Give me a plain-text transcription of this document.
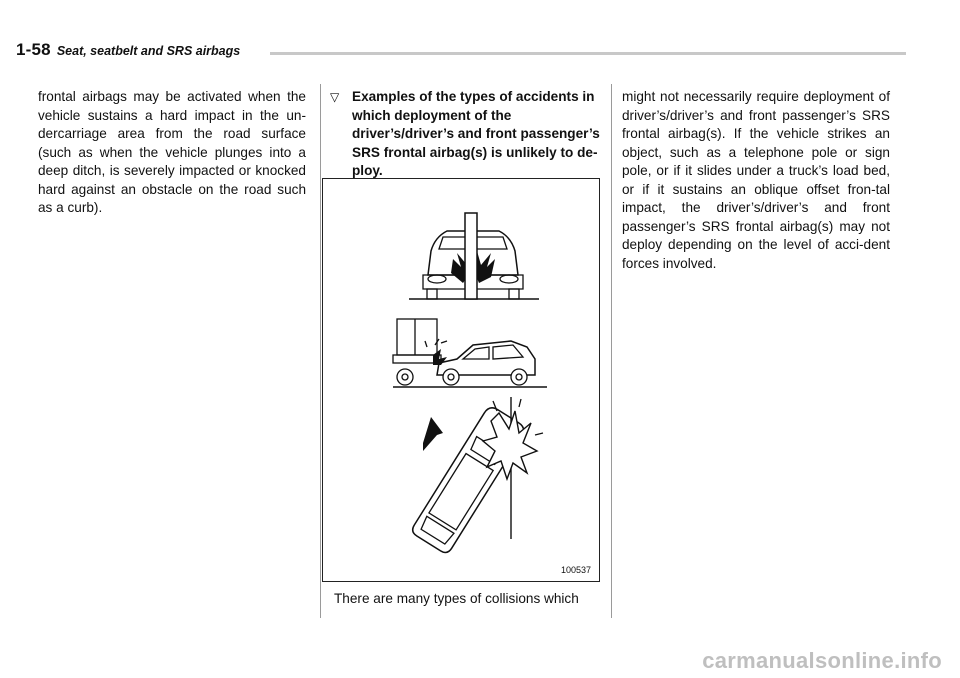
1-58 Seat, seatbelt and SRS airbags
frontal airbags may be activated when the vehicle sustains a hard impact in the un-dercarriage area from the road surface (such as when the vehicle plunges into a deep ditch, is severely impacted or knocked hard against an obstacle on the road such as a curb).
▽ Examples of the types of accidents in which deployment of the driver’s/driver’s and front passenger’s SRS frontal airbag(s) is unlikely to de-ploy.
100537
There are many types of collisions which
might not necessarily require deployment of driver’s/driver’s and front passenger’s SRS frontal airbag(s). If the vehicle strikes an object, such as a telephone pole or sign pole, or if it slides under a truck’s load bed, or if it sustains an oblique offset fron-tal impact, the driver’s/driver’s and front passenger’s SRS frontal airbag(s) may not deploy depending on the level of acci-dent forces involved.
carmanualsonline.info
